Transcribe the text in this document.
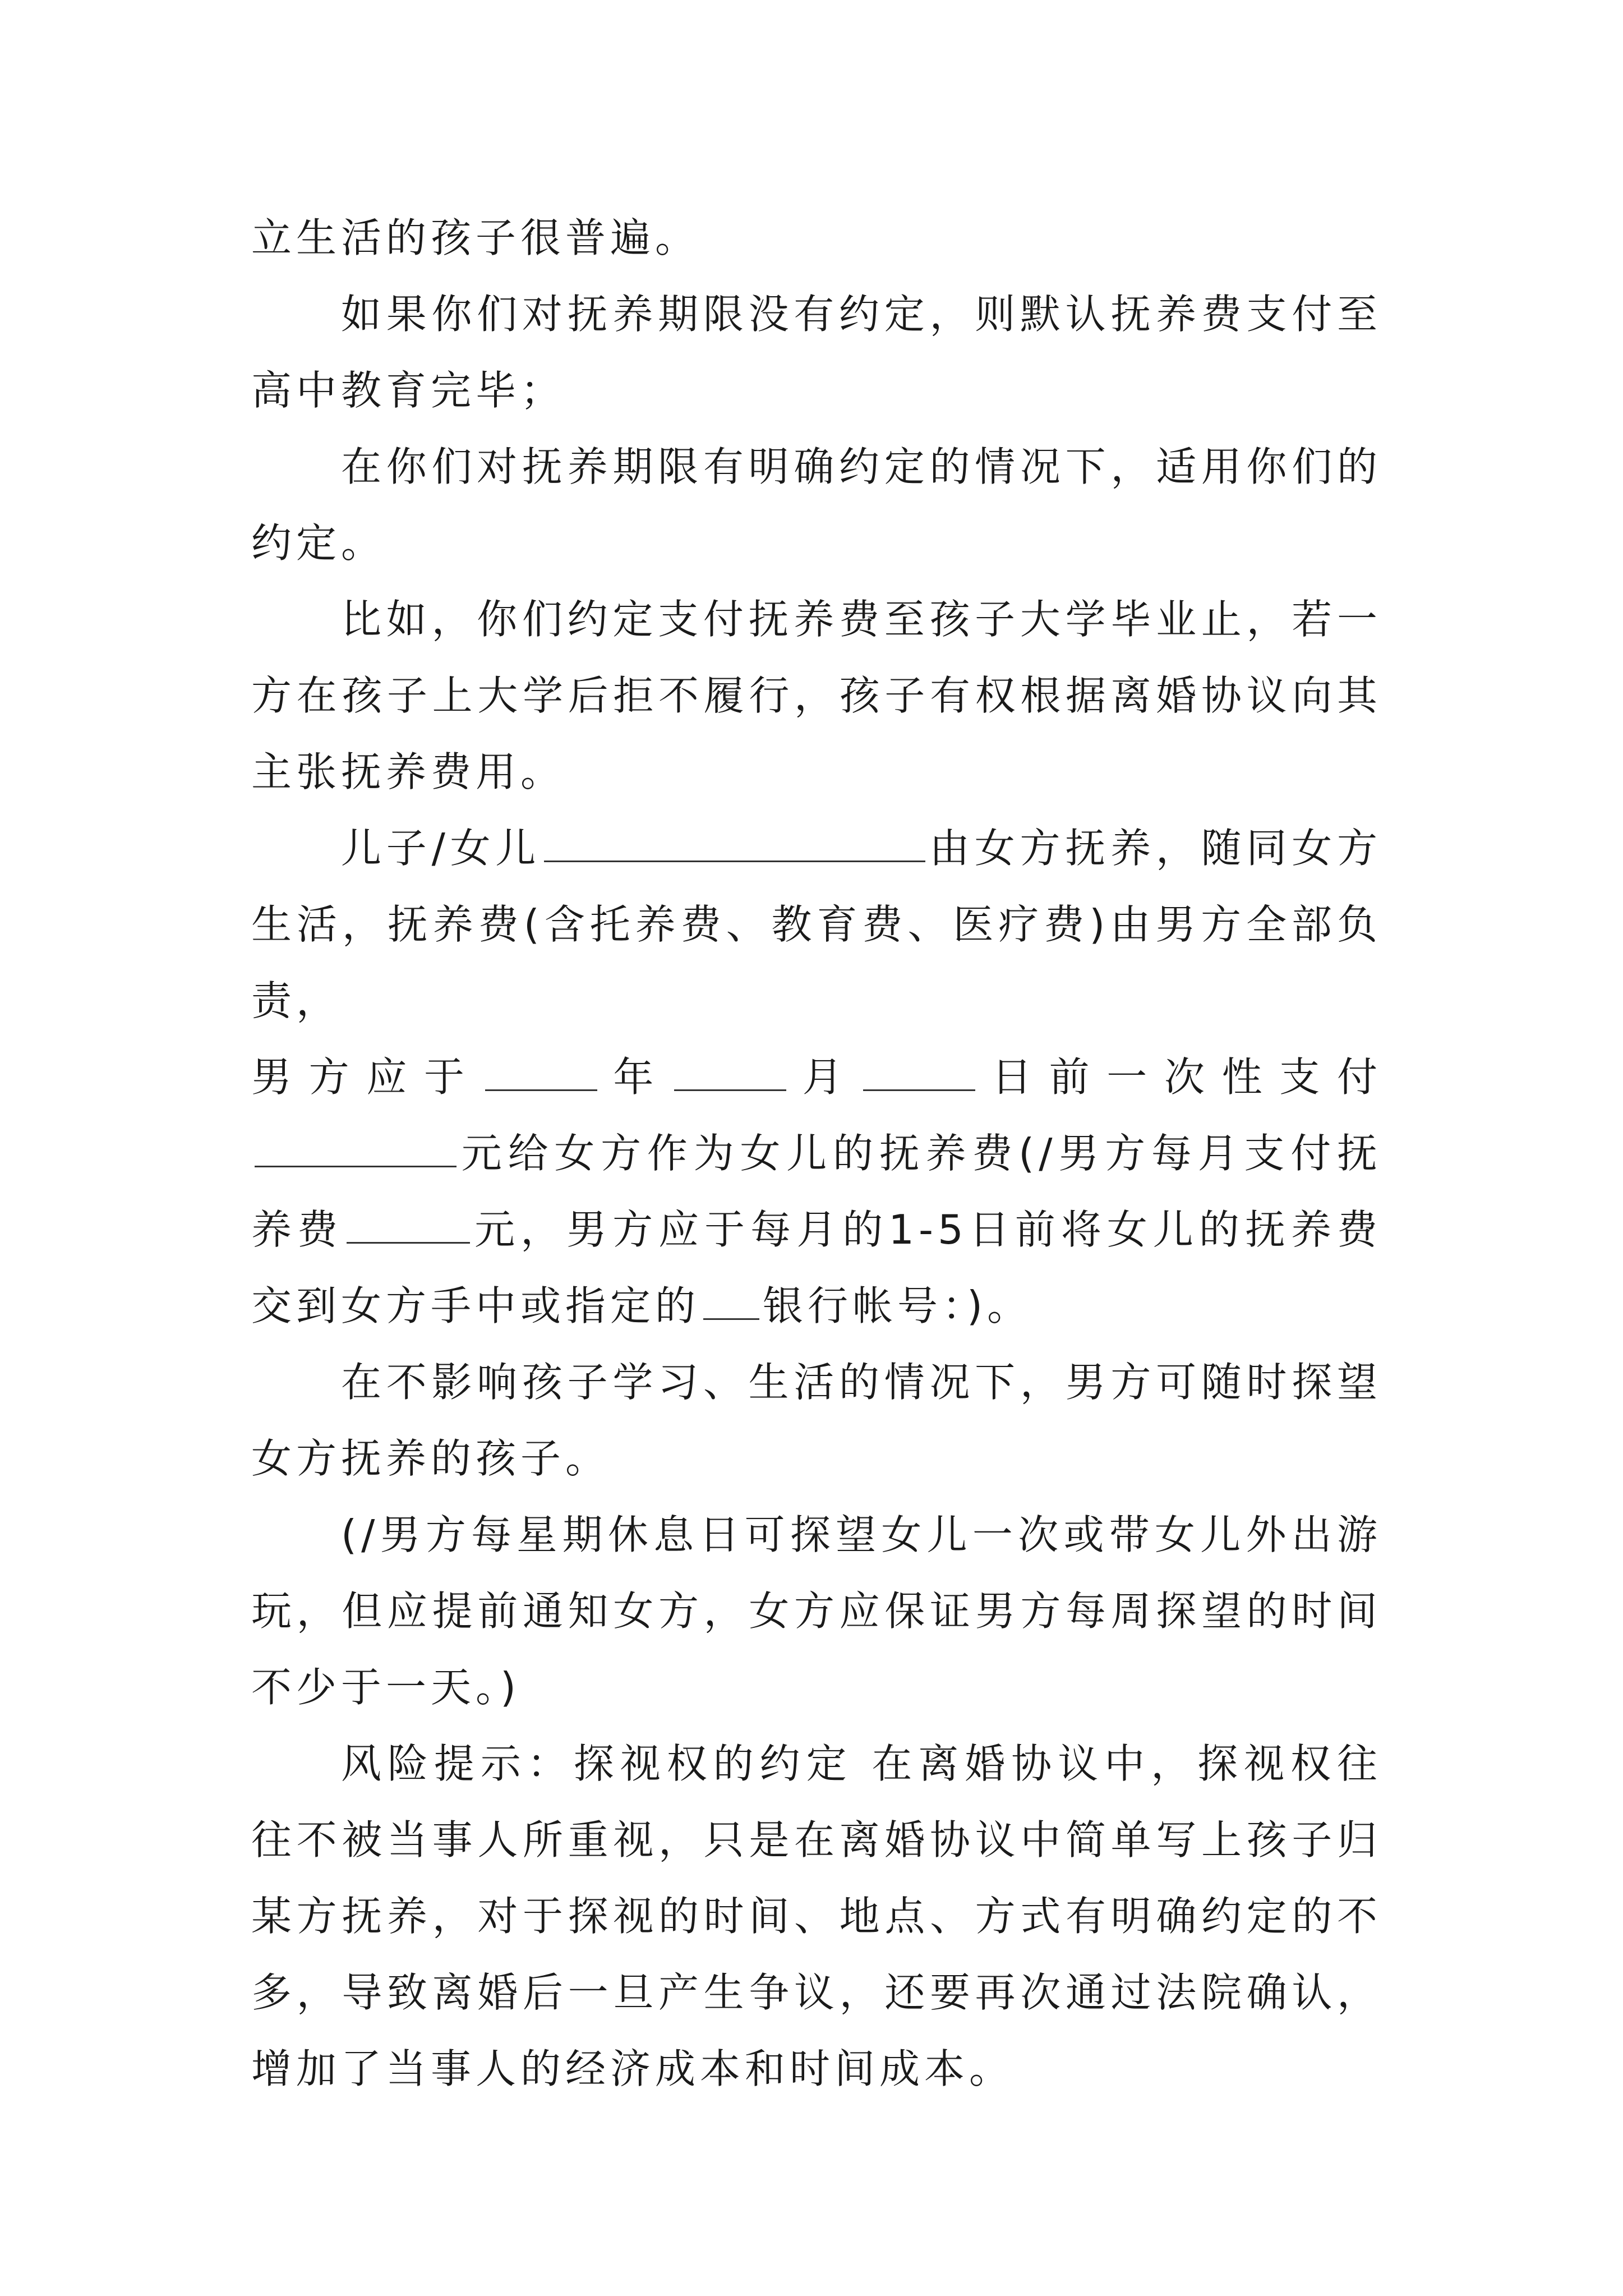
立生活的孩子很普遍。

如果你们对抚养期限没有约定，则默认抚养费支付至高中教育完毕；

在你们对抚养期限有明确约定的情况下，适用你们的约定。

比如，你们约定支付抚养费至孩子大学毕业止，若一方在孩子上大学后拒不履行，孩子有权根据离婚协议向其主张抚养费用。

儿子/女儿	由女方抚养，随同女方生活，抚养费(含托养费、教育费、医疗费)由男方全部负责，
男方应于	年	月	日前一次性支付
元给女方作为女儿的抚养费(/男方每月支付抚养费	元，男方应于每月的1-5日前将女儿的抚养费交到女方手中或指定的 银行帐号：)。

在不影响孩子学习、生活的情况下，男方可随时探望女方抚养的孩子。

(/男方每星期休息日可探望女儿一次或带女儿外出游玩，但应提前通知女方，女方应保证男方每周探望的时间不少于一天。)

风险提示：探视权的约定 在离婚协议中，探视权往往不被当事人所重视，只是在离婚协议中简单写上孩子归某方抚养，对于探视的时间、地点、方式有明确约定的不多，导致离婚后一旦产生争议，还要再次通过法院确认，增加了当事人的经济成本和时间成本。
